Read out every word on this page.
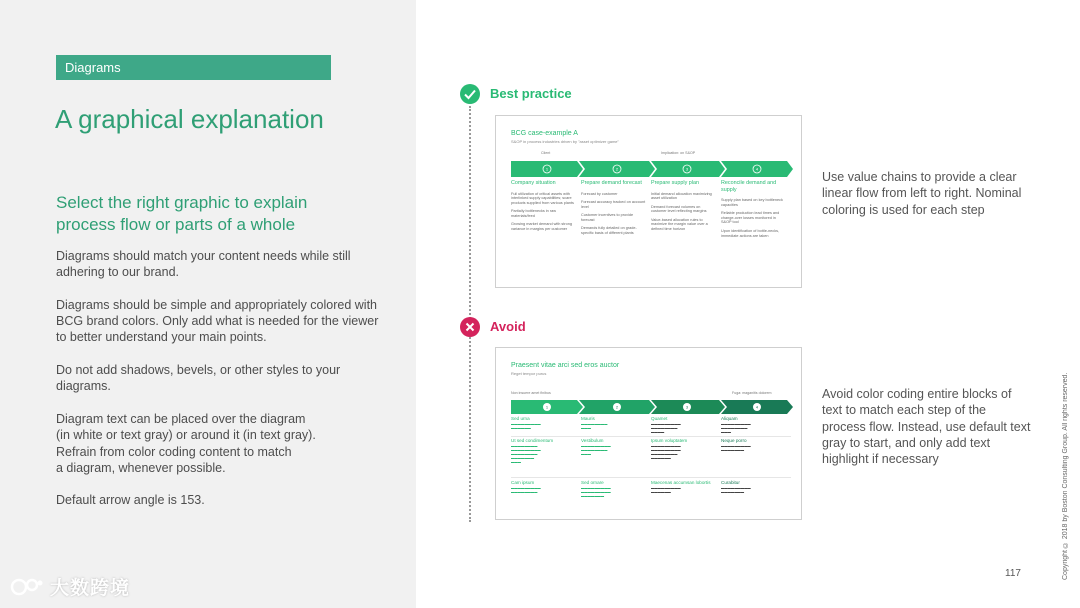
Diagrams
A graphical explanation
Select the right graphic to explain process flow or parts of a whole

Diagrams should match your content needs while still adhering to our brand.

Diagrams should be simple and appropriately colored with BCG brand colors. Only add what is needed for the viewer to better understand your main points.

Do not add shadows, bevels, or other styles to your diagrams.

Diagram text can be placed over the diagram
(in white or text gray) or around it (in text gray).
Refrain from color coding content to match
a diagram, whenever possible.

Default arrow angle is 153.

大数跨境
Best practice
BCG case-example A
S&OP in process industries driven by "asset optimizer game"
Client	Implication: on S&OP
1	2	3	4
Company situation
Full utilization of critical assets with interlinked supply capabilities; scare products supplied from various plants
Partially bottlenecks in raw materials/feed
Growing market demand with strong variance in margins per customer
Prepare demand forecast
Forecast by customer
Forecast accuracy tracked on account level
Customer incentives to provide forecast
Demands fully detailed on grade-specific basis of different plants
Prepare supply plan
Initial demand allocation maximizing asset utilization
Demand forecast volumes on customer level reflecting margins
Value-based allocation rules to maximize the margin value over a defined time horizon
Reconcile demand and supply
Supply plan based on key bottleneck capacities
Reliable production lead times and change-over losses monitored in S&OP tool
Upon identification of bottle-necks, immediate actions are taken
Use value chains to provide a clear linear flow from left to right. Nominal coloring is used for each step
Avoid
Praesent vitae arci sed eros auctor
Reget tempor purus
Non insuere amet finibus	Fuga: maganitis dolorem
1	2	3	4
Sed urna
▬▬▬▬▬▬▬▬▬
▬▬▬▬▬▬
Mauris
▬▬▬▬▬▬▬▬
▬▬▬
Quamet
▬▬▬▬▬▬▬▬▬
▬▬▬▬▬▬▬▬
▬▬▬▬
Aliquam
▬▬▬▬▬▬▬▬▬
▬▬▬▬▬▬▬▬
▬▬▬
Ut sed condimentum
▬▬▬▬▬▬▬▬
▬▬▬▬▬▬▬▬▬
▬▬▬▬▬▬▬▬
▬▬▬▬▬▬▬
▬▬▬
Vestibulum
▬▬▬▬▬▬▬▬▬
▬▬▬▬▬▬▬▬
▬▬▬
Ipsum voluptatem
▬▬▬▬▬▬▬▬▬
▬▬▬▬▬▬▬▬▬
▬▬▬▬▬▬▬▬
▬▬▬▬▬▬
Neque porro
▬▬▬▬▬▬▬▬▬
▬▬▬▬▬▬▬
Cam ipsum
▬▬▬▬▬▬▬▬▬
▬▬▬▬▬▬▬▬
Sed ornare
▬▬▬▬▬▬▬▬▬
▬▬▬▬▬▬▬▬▬
▬▬▬▬▬▬▬
Maecenas accumsan lobortis
▬▬▬▬▬▬▬▬▬
▬▬▬▬▬▬
Curabitur
▬▬▬▬▬▬▬▬▬
▬▬▬▬▬▬▬
Avoid color coding entire blocks of text to match each step of the process flow. Instead, use default text gray to start, and only add text highlight if necessary	Copyright © 2018 by Boston Consulting Group. All rights reserved.
117
